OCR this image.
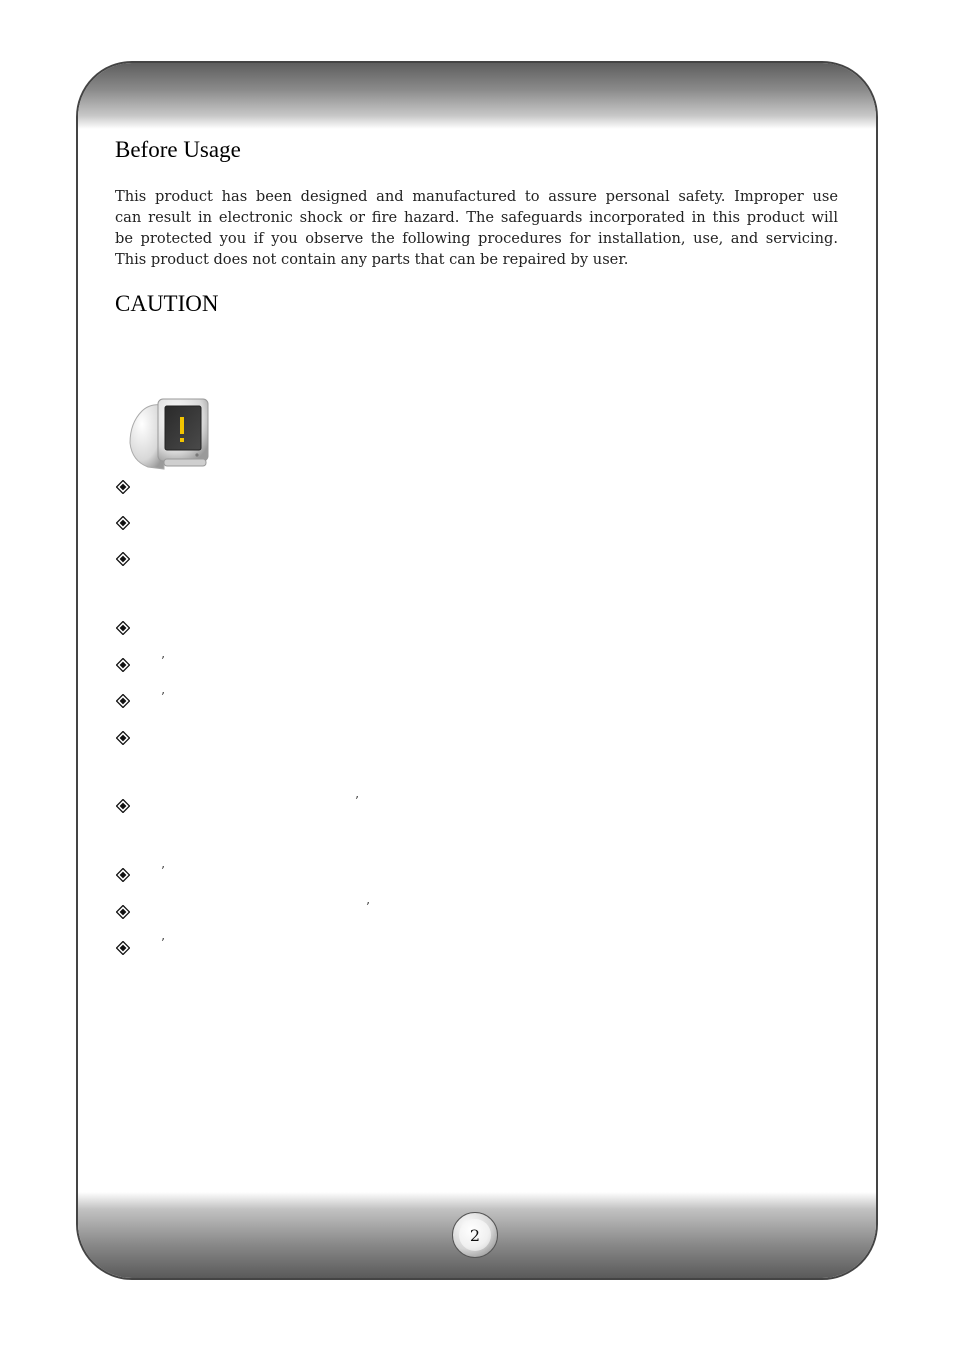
Before Usage

This product has been designed and manufactured to assure personal safety. Improper use
can result in electronic shock or fire hazard. The safeguards incorporated in this product will
be protected you if you observe the following procedures for installation, use, and servicing.
This product does not contain any parts that can be repaired by user.

CAUTION
’
’
’
’
’
’
2
